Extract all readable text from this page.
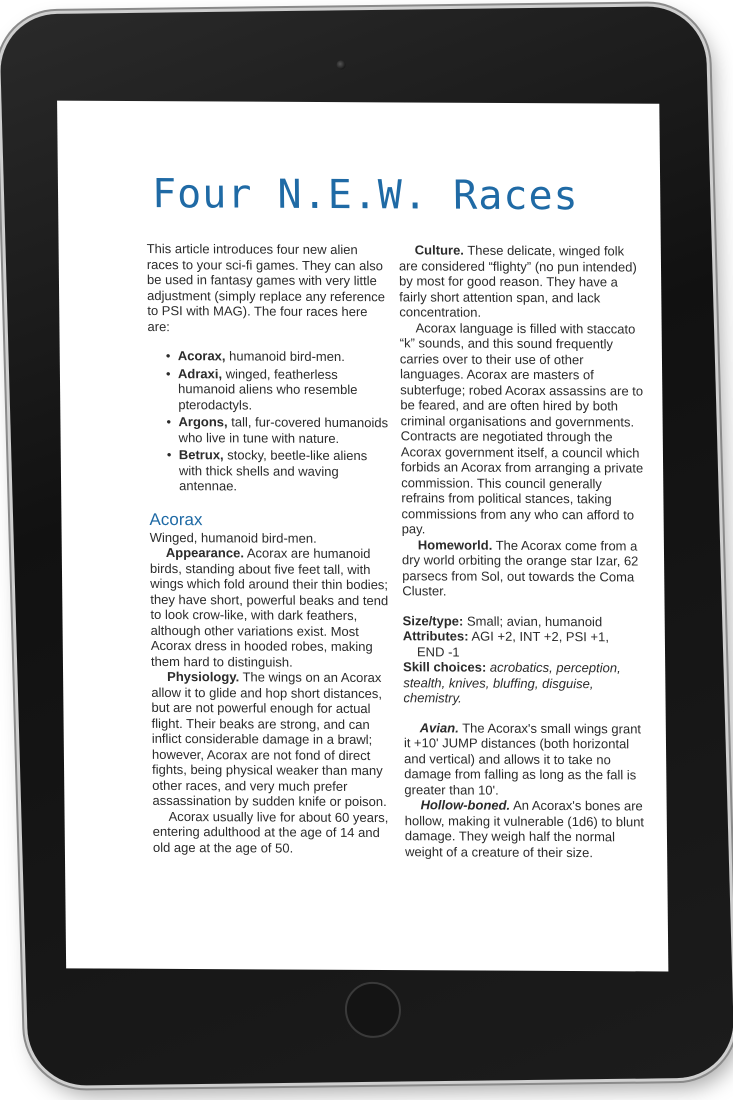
Four N.E.W. Races

This article introduces four new alien races to your sci-fi games. They can also be used in fantasy games with very little adjustment (simply replace any reference to PSI with MAG). The four races here are:

• Acorax, humanoid bird-men.
• Adraxi, winged, featherless humanoid aliens who resemble pterodactyls.
• Argons, tall, fur-covered humanoids who live in tune with nature.
• Betrux, stocky, beetle-like aliens with thick shells and waving antennae.
Acorax

Winged, humanoid bird-men.

Appearance. Acorax are humanoid birds, standing about five feet tall, with wings which fold around their thin bodies; they have short, powerful beaks and tend to look crow-like, with dark feathers, although other variations exist. Most Acorax dress in hooded robes, making them hard to distinguish.

Physiology. The wings on an Acorax allow it to glide and hop short distances, but are not powerful enough for actual flight. Their beaks are strong, and can inflict considerable damage in a brawl; however, Acorax are not fond of direct fights, being physical weaker than many other races, and very much prefer assassination by sudden knife or poison.

Acorax usually live for about 60 years, entering adulthood at the age of 14 and old age at the age of 50.

Culture. These delicate, winged folk are considered “flighty” (no pun intended) by most for good reason. They have a fairly short attention span, and lack concentration.

Acorax language is filled with staccato “k” sounds, and this sound frequently carries over to their use of other languages. Acorax are masters of subterfuge; robed Acorax assassins are to be feared, and are often hired by both criminal organisations and governments. Contracts are negotiated through the Acorax government itself, a council which forbids an Acorax from arranging a private commission. This council generally refrains from political stances, taking commissions from any who can afford to pay.

Homeworld. The Acorax come from a dry world orbiting the orange star Izar, 62 parsecs from Sol, out towards the Coma Cluster.

Size/type: Small; avian, humanoid

Attributes: AGI +2, INT +2, PSI +1,

END -1

Skill choices: acrobatics, perception, stealth, knives, bluffing, disguise, chemistry.

Avian. The Acorax's small wings grant it +10' JUMP distances (both horizontal and vertical) and allows it to take no damage from falling as long as the fall is greater than 10'.

Hollow-boned. An Acorax's bones are hollow, making it vulnerable (1d6) to blunt damage. They weigh half the normal weight of a creature of their size.
